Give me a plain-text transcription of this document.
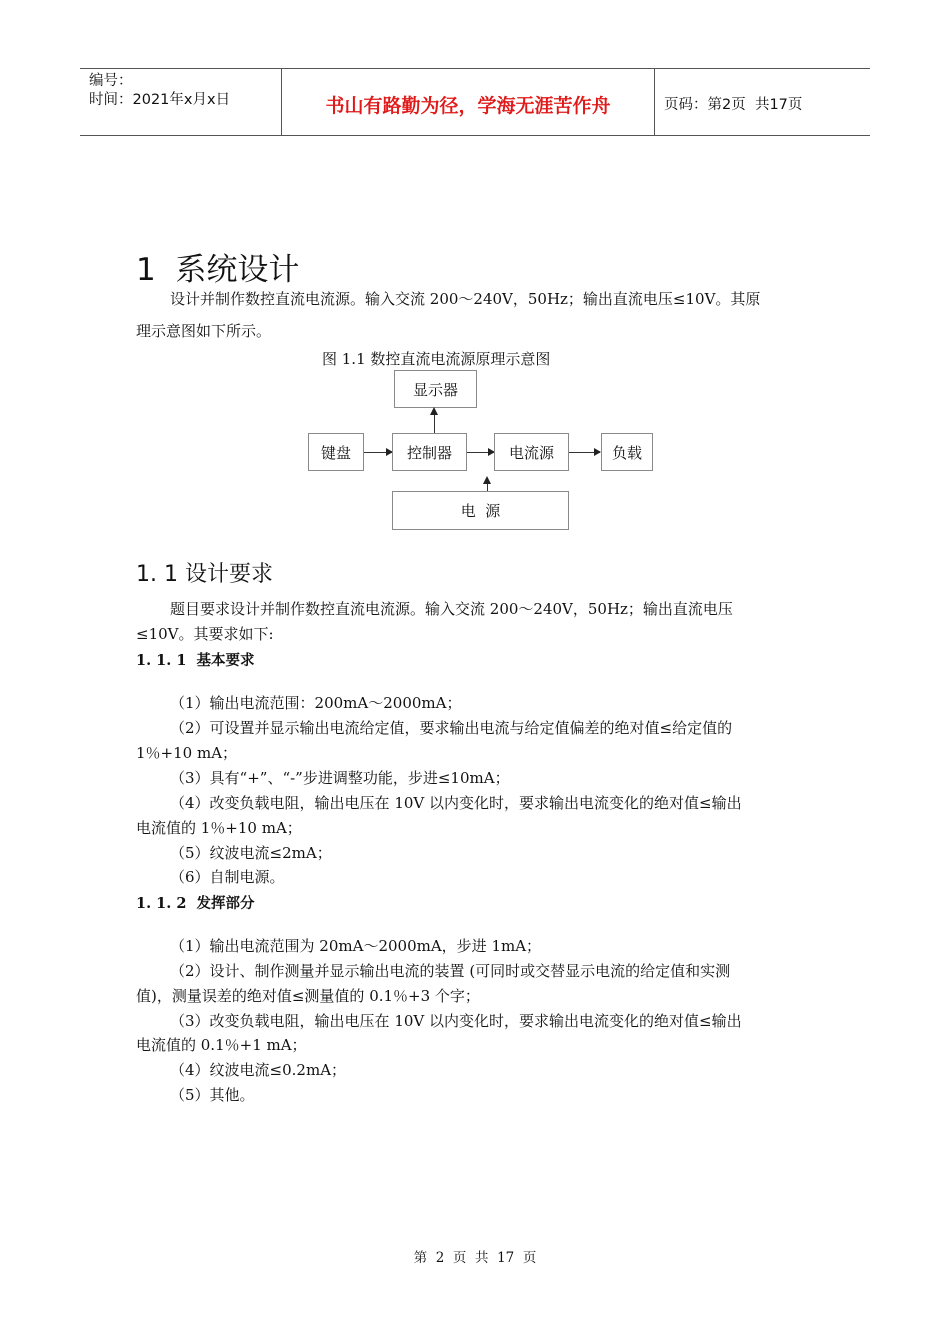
编号：
时间：2021年x月x日	书山有路勤为径，学海无涯苦作舟	页码：第2页  共17页
1  系统设计
设计并制作数控直流电流源。输入交流 200～240V，50Hz；输出直流电压≤10V。其原
理示意图如下所示。
图 1.1 数控直流电流源原理示意图
显示器
键盘	控制器	电流源	负载
电  源
1. 1 设计要求
题目要求设计并制作数控直流电流源。输入交流 200～240V，50Hz；输出直流电压
≤10V。其要求如下:
1. 1. 1  基本要求
（1）输出电流范围：200mA～2000mA；
（2）可设置并显示输出电流给定值，要求输出电流与给定值偏差的绝对值≤给定值的
1％+10 mA；
（3）具有“+”、“-”步进调整功能，步进≤10mA；
（4）改变负载电阻，输出电压在 10V 以内变化时，要求输出电流变化的绝对值≤输出
电流值的 1％+10 mA；
（5）纹波电流≤2mA；
（6）自制电源。
1. 1. 2  发挥部分
（1）输出电流范围为 20mA～2000mA，步进 1mA；
（2）设计、制作测量并显示输出电流的装置 (可同时或交替显示电流的给定值和实测
值)，测量误差的绝对值≤测量值的 0.1％+3 个字；
（3）改变负载电阻，输出电压在 10V 以内变化时，要求输出电流变化的绝对值≤输出
电流值的 0.1％+1 mA；
（4）纹波电流≤0.2mA；
（5）其他。
第  2  页  共  17  页
